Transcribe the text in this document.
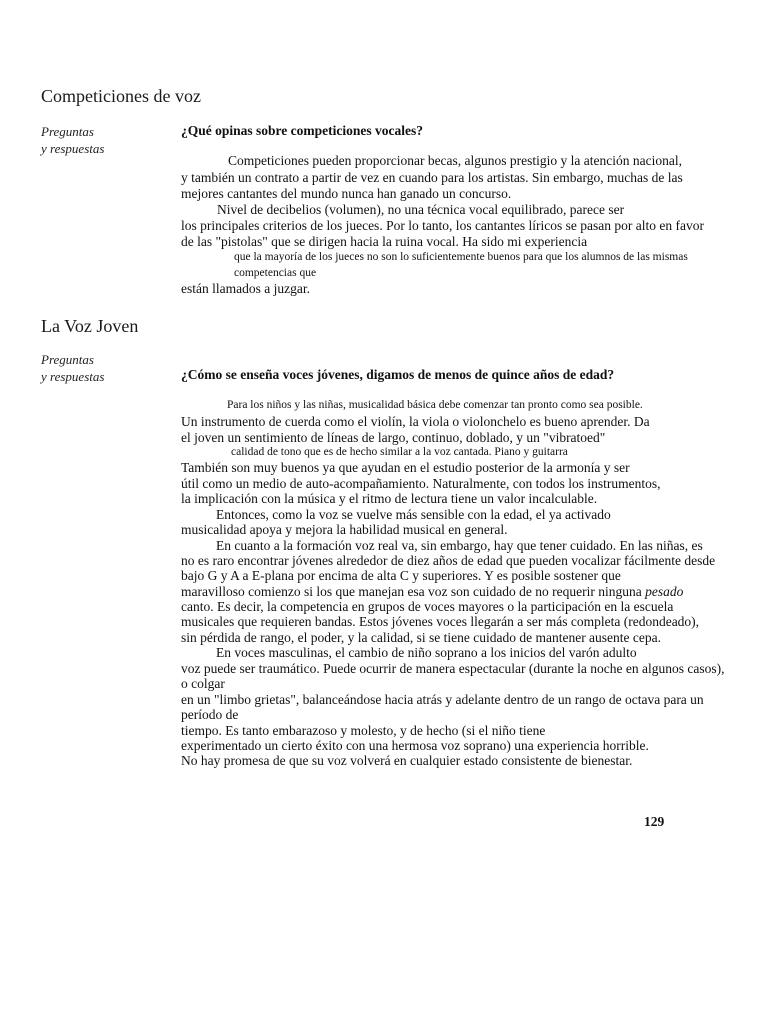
Competiciones de voz
Preguntas
y respuestas
¿Qué opinas sobre competiciones vocales?
Competiciones pueden proporcionar becas, algunos prestigio y la atención nacional,
y también un contrato a partir de vez en cuando para los artistas. Sin embargo, muchas de las
mejores cantantes del mundo nunca han ganado un concurso.
Nivel de decibelios (volumen), no una técnica vocal equilibrado, parece ser
los principales criterios de los jueces. Por lo tanto, los cantantes líricos se pasan por alto en favor
de las "pistolas" que se dirigen hacia la ruina vocal. Ha sido mi experiencia
que la mayoría de los jueces no son lo suficientemente buenos para que los alumnos de las mismas
competencias que
están llamados a juzgar.
La Voz Joven
Preguntas
y respuestas	¿Cómo se enseña voces jóvenes, digamos de menos de quince años de edad?
Para los niños y las niñas, musicalidad básica debe comenzar tan pronto como sea posible.
Un instrumento de cuerda como el violín, la viola o violonchelo es bueno aprender. Da
el joven un sentimiento de líneas de largo, continuo, doblado, y un "vibratoed"
calidad de tono que es de hecho similar a la voz cantada. Piano y guitarra
También son muy buenos ya que ayudan en el estudio posterior de la armonía y ser
útil como un medio de auto-acompañamiento. Naturalmente, con todos los instrumentos,
la implicación con la música y el ritmo de lectura tiene un valor incalculable.
Entonces, como la voz se vuelve más sensible con la edad, el ya activado
musicalidad apoya y mejora la habilidad musical en general.
En cuanto a la formación voz real va, sin embargo, hay que tener cuidado. En las niñas, es
no es raro encontrar jóvenes alrededor de diez años de edad que pueden vocalizar fácilmente desde
bajo G y A a E-plana por encima de alta C y superiores. Y es posible sostener que
maravilloso comienzo si los que manejan esa voz son cuidado de no requerir ninguna pesado
canto. Es decir, la competencia en grupos de voces mayores o la participación en la escuela
musicales que requieren bandas. Estos jóvenes voces llegarán a ser más completa (redondeado),
sin pérdida de rango, el poder, y la calidad, si se tiene cuidado de mantener ausente cepa.
En voces masculinas, el cambio de niño soprano a los inicios del varón adulto
voz puede ser traumático. Puede ocurrir de manera espectacular (durante la noche en algunos casos),
o colgar
en un "limbo grietas", balanceándose hacia atrás y adelante dentro de un rango de octava para un
período de
tiempo. Es tanto embarazoso y molesto, y de hecho (si el niño tiene
experimentado un cierto éxito con una hermosa voz soprano) una experiencia horrible.
No hay promesa de que su voz volverá en cualquier estado consistente de bienestar.
129
